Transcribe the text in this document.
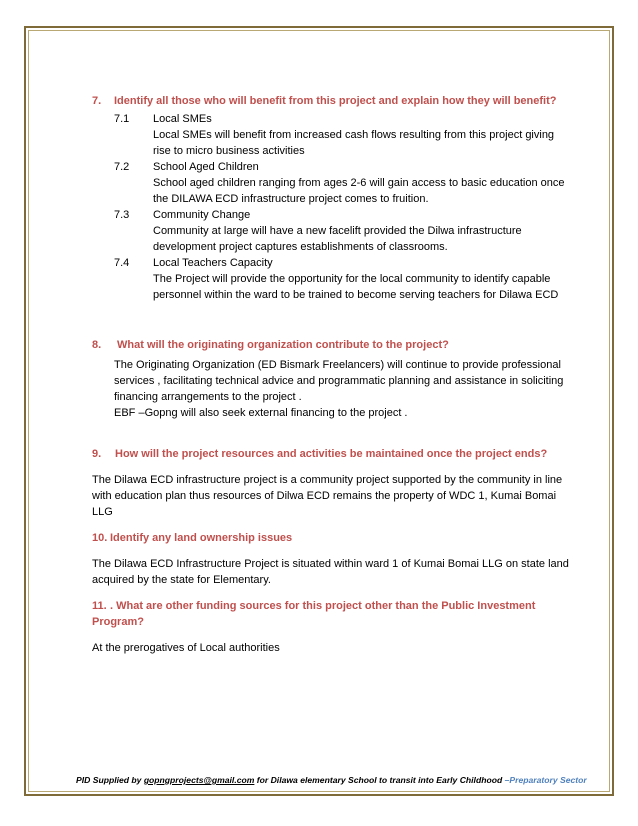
7. Identify all those who will benefit from this project and explain how they will benefit?
7.1 Local SMEs
Local SMEs will benefit from increased cash flows resulting from this project giving rise to micro business activities
7.2 School Aged Children
School aged children ranging from ages 2-6 will gain access to basic education once the DILAWA ECD infrastructure project comes to fruition.
7.3 Community Change
Community at large will have a new facelift provided the Dilwa infrastructure development project captures establishments of classrooms.
7.4 Local Teachers Capacity
The Project will provide the opportunity for the local community to identify capable personnel within the ward to be trained to become serving teachers for Dilawa ECD
8. What will the originating organization contribute to the project?

The Originating Organization (ED Bismark Freelancers) will continue to provide professional services , facilitating technical advice and programmatic planning and assistance in soliciting financing arrangements to the project .

EBF –Gopng will also seek external financing to the project .

9. How will the project resources and activities be maintained once the project ends?

The Dilawa ECD infrastructure project is a community project supported by the community in line with education plan thus resources of Dilwa ECD remains the property of WDC 1, Kumai Bomai LLG

10. Identify any land ownership issues

The Dilawa ECD Infrastructure Project is situated within ward 1 of Kumai Bomai LLG on state land acquired by the state for Elementary.

11. . What are other funding sources for this project other than the Public Investment Program?

At the prerogatives of Local authorities

PID Supplied by gopngprojects@gmail.com for Dilawa elementary School to transit into Early Childhood –Preparatory Sector
